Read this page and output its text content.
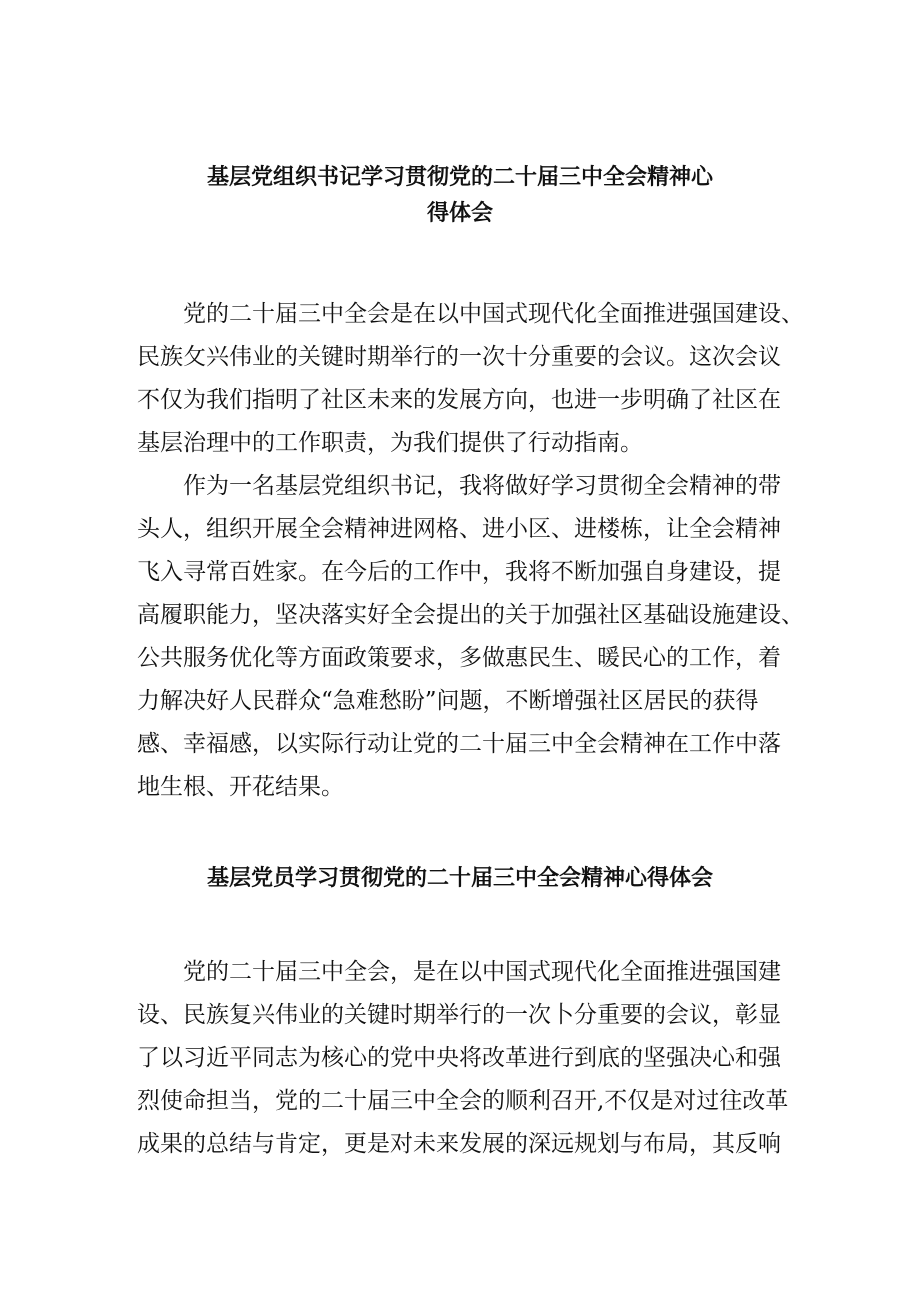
基层党组织书记学习贯彻党的二十届三中全会精神心
得体会
党的二十届三中全会是在以中国式现代化全面推进强国建设、
民族攵兴伟业的关键时期举行的一次十分重要的会议。这次会议
不仅为我们指明了社区未来的发展方向，也进一步明确了社区在
基层治理中的工作职责，为我们提供了行动指南。
作为一名基层党组织书记，我将做好学习贯彻全会精神的带
头人，组织开展全会精神进网格、进小区、进楼栋，让全会精神
飞入寻常百姓家。在今后的工作中，我将不断加强自身建设，提
高履职能力，坚决落实好全会提出的关于加强社区基础设施建设、
公共服务优化等方面政策要求，多做惠民生、暖民心的工作，着
力解决好人民群众“急难愁盼”问题，不断增强社区居民的获得
感、幸福感，以实际行动让党的二十届三中全会精神在工作中落
地生根、开花结果。
基层党员学习贯彻党的二十届三中全会精神心得体会
党的二十届三中全会，是在以中国式现代化全面推进强国建
设、民族复兴伟业的关键时期举行的一次卜分重要的会议，彰显
了以习近平同志为核心的党中央将改革进行到底的坚强决心和强
烈使命担当，党的二十届三中全会的顺利召开,不仅是对过往改革
成果的总结与肯定，更是对未来发展的深远规划与布局，其反响
